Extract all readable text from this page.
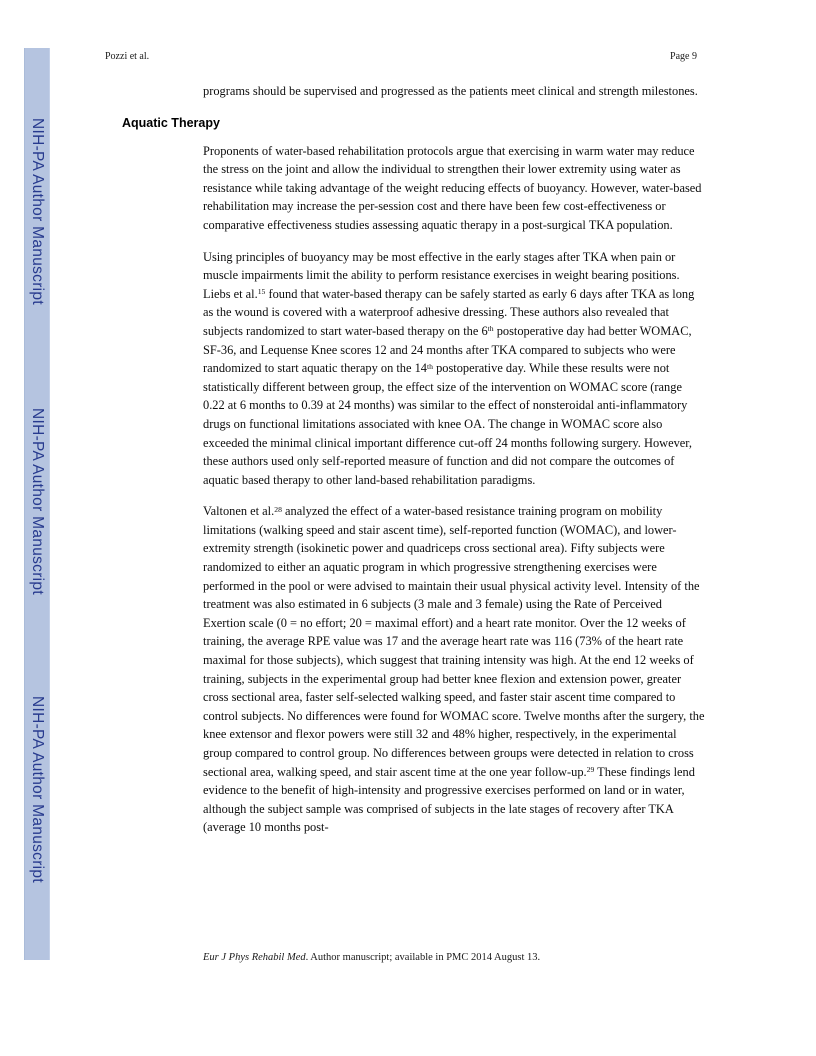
NIH-PA Author Manuscript
NIH-PA Author Manuscript
NIH-PA Author Manuscript
Pozzi et al.	Page 9

programs should be supervised and progressed as the patients meet clinical and strength milestones.

Aquatic Therapy

Proponents of water-based rehabilitation protocols argue that exercising in warm water may reduce the stress on the joint and allow the individual to strengthen their lower extremity using water as resistance while taking advantage of the weight reducing effects of buoyancy. However, water-based rehabilitation may increase the per-session cost and there have been few cost-effectiveness or comparative effectiveness studies assessing aquatic therapy in a post-surgical TKA population.

Using principles of buoyancy may be most effective in the early stages after TKA when pain or muscle impairments limit the ability to perform resistance exercises in weight bearing positions. Liebs et al.$^{15}$ found that water-based therapy can be safely started as early 6 days after TKA as long as the wound is covered with a waterproof adhesive dressing. These authors also revealed that subjects randomized to start water-based therapy on the 6th postoperative day had better WOMAC, SF-36, and Lequense Knee scores 12 and 24 months after TKA compared to subjects who were randomized to start aquatic therapy on the 14th postoperative day. While these results were not statistically different between group, the effect size of the intervention on WOMAC score (range 0.22 at 6 months to 0.39 at 24 months) was similar to the effect of nonsteroidal anti-inflammatory drugs on functional limitations associated with knee OA. The change in WOMAC score also exceeded the minimal clinical important difference cut-off 24 months following surgery. However, these authors used only self-reported measure of function and did not compare the outcomes of aquatic based therapy to other land-based rehabilitation paradigms.

Valtonen et al.$^{28}$ analyzed the effect of a water-based resistance training program on mobility limitations (walking speed and stair ascent time), self-reported function (WOMAC), and lower-extremity strength (isokinetic power and quadriceps cross sectional area). Fifty subjects were randomized to either an aquatic program in which progressive strengthening exercises were performed in the pool or were advised to maintain their usual physical activity level. Intensity of the treatment was also estimated in 6 subjects (3 male and 3 female) using the Rate of Perceived Exertion scale (0 = no effort; 20 = maximal effort) and a heart rate monitor. Over the 12 weeks of training, the average RPE value was 17 and the average heart rate was 116 (73% of the heart rate maximal for those subjects), which suggest that training intensity was high. At the end 12 weeks of training, subjects in the experimental group had better knee flexion and extension power, greater cross sectional area, faster self-selected walking speed, and faster stair ascent time compared to control subjects. No differences were found for WOMAC score. Twelve months after the surgery, the knee extensor and flexor powers were still 32 and 48% higher, respectively, in the experimental group compared to control group. No differences between groups were detected in relation to cross sectional area, walking speed, and stair ascent time at the one year follow-up.$^{29}$ These findings lend evidence to the benefit of high-intensity and progressive exercises performed on land or in water, although the subject sample was comprised of subjects in the late stages of recovery after TKA (average 10 months post-

Eur J Phys Rehabil Med. Author manuscript; available in PMC 2014 August 13.
